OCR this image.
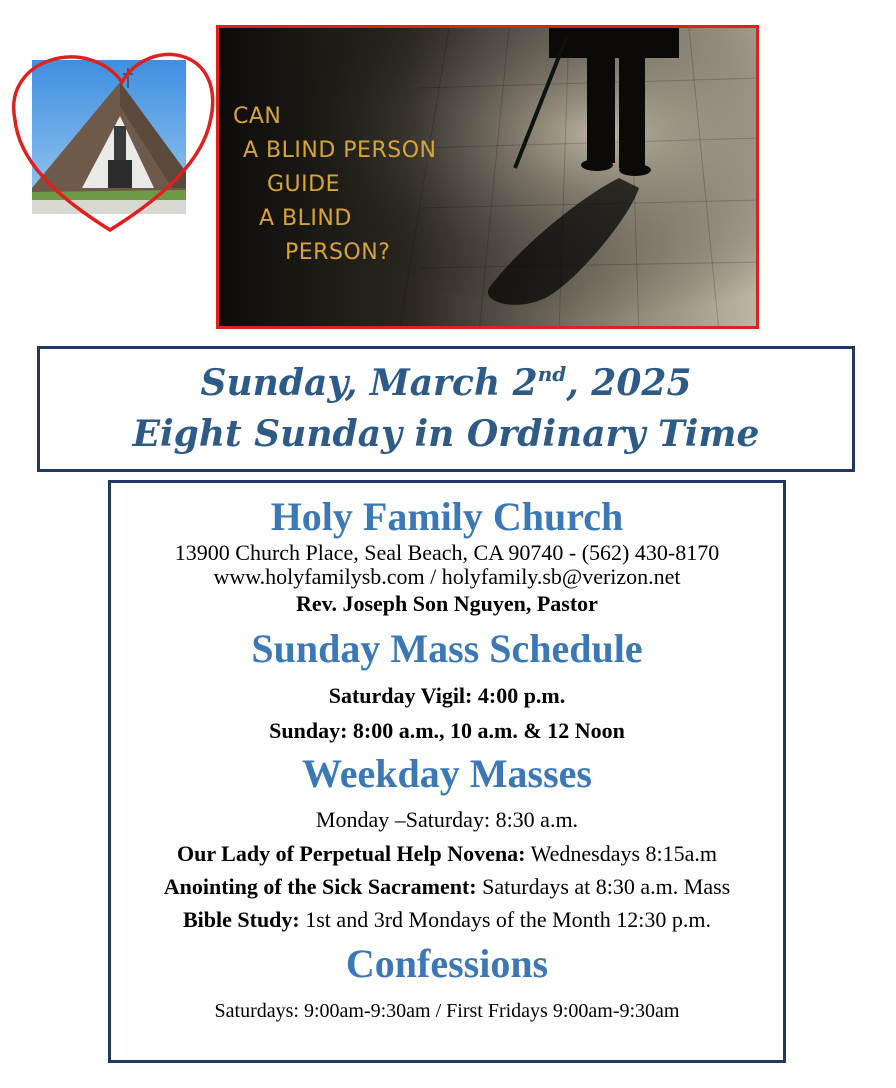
CAN
A BLIND PERSON
GUIDE
A BLIND
PERSON?
Sunday, March 2nd, 2025
Eight Sunday in Ordinary Time
Holy Family Church
13900 Church Place, Seal Beach, CA 90740 - (562) 430-8170
www.holyfamilysb.com / holyfamily.sb@verizon.net
Rev. Joseph Son Nguyen, Pastor
Sunday Mass Schedule
Saturday Vigil: 4:00 p.m.
Sunday: 8:00 a.m., 10 a.m. & 12 Noon
Weekday Masses
Monday –Saturday: 8:30 a.m.
Our Lady of Perpetual Help Novena: Wednesdays 8:15a.m
Anointing of the Sick Sacrament: Saturdays at 8:30 a.m. Mass
Bible Study: 1st and 3rd Mondays of the Month 12:30 p.m.
Confessions
Saturdays: 9:00am-9:30am / First Fridays 9:00am-9:30am
